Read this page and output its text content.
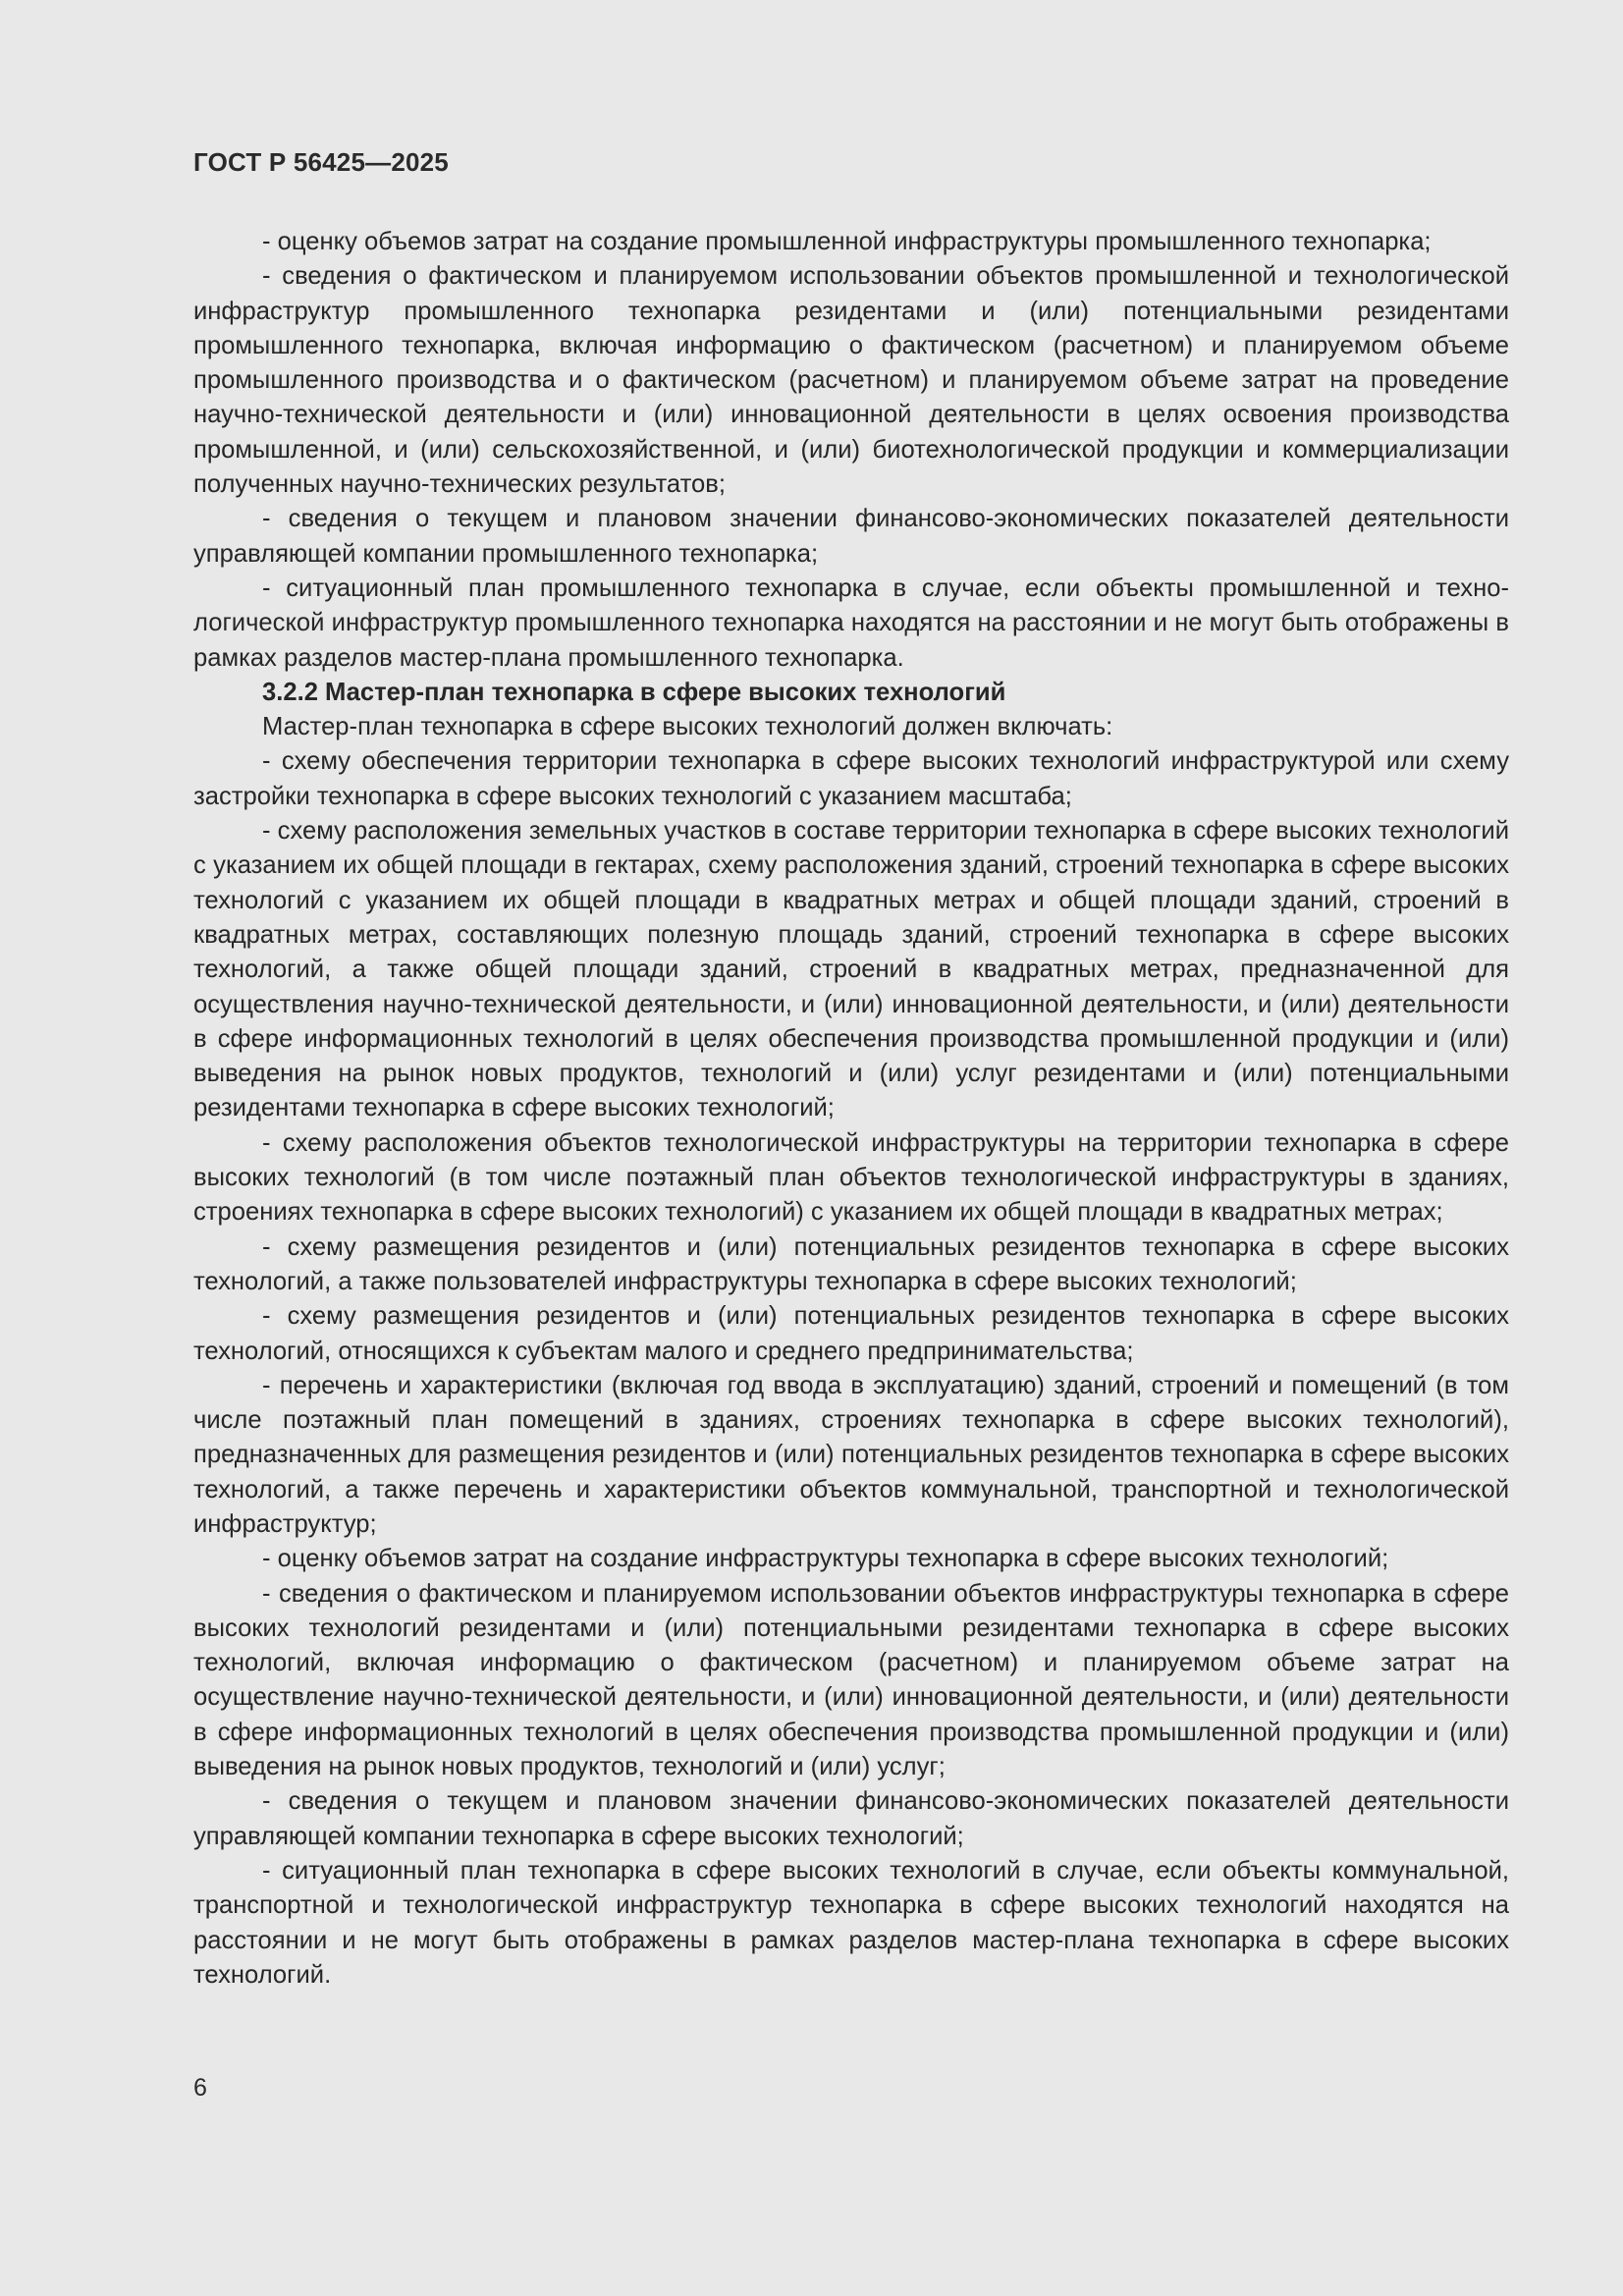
ГОСТ Р 56425—2025

- оценку объемов затрат на создание промышленной инфраструктуры промышленного технопарка;

- сведения о фактическом и планируемом использовании объектов промышленной и технологической инфраструктур промышленного технопарка резидентами и (или) потенциальными резидентами промышленного технопарка, включая информацию о фактическом (расчетном) и планируемом объеме промышленного производства и о фактическом (расчетном) и планируемом объеме затрат на проведение научно-технической деятельности и (или) инновационной деятельности в целях освоения производства промышленной, и (или) сельскохозяйственной, и (или) биотехнологической продукции и коммерциализации полученных научно-технических результатов;

- сведения о текущем и плановом значении финансово-экономических показателей деятельности управляющей компании промышленного технопарка;

- ситуационный план промышленного технопарка в случае, если объекты промышленной и технологической инфраструктур промышленного технопарка находятся на расстоянии и не могут быть отображены в рамках разделов мастер-плана промышленного технопарка.

3.2.2 Мастер-план технопарка в сфере высоких технологий

Мастер-план технопарка в сфере высоких технологий должен включать:

- схему обеспечения территории технопарка в сфере высоких технологий инфраструктурой или схему застройки технопарка в сфере высоких технологий с указанием масштаба;

- схему расположения земельных участков в составе территории технопарка в сфере высоких технологий с указанием их общей площади в гектарах, схему расположения зданий, строений технопарка в сфере высоких технологий с указанием их общей площади в квадратных метрах и общей площади зданий, строений в квадратных метрах, составляющих полезную площадь зданий, строений технопарка в сфере высоких технологий, а также общей площади зданий, строений в квадратных метрах, предназначенной для осуществления научно-технической деятельности, и (или) инновационной деятельности, и (или) деятельности в сфере информационных технологий в целях обеспечения производства промышленной продукции и (или) выведения на рынок новых продуктов, технологий и (или) услуг резидентами и (или) потенциальными резидентами технопарка в сфере высоких технологий;

- схему расположения объектов технологической инфраструктуры на территории технопарка в сфере высоких технологий (в том числе поэтажный план объектов технологической инфраструктуры в зданиях, строениях технопарка в сфере высоких технологий) с указанием их общей площади в квадратных метрах;

- схему размещения резидентов и (или) потенциальных резидентов технопарка в сфере высоких технологий, а также пользователей инфраструктуры технопарка в сфере высоких технологий;

- схему размещения резидентов и (или) потенциальных резидентов технопарка в сфере высоких технологий, относящихся к субъектам малого и среднего предпринимательства;

- перечень и характеристики (включая год ввода в эксплуатацию) зданий, строений и помещений (в том числе поэтажный план помещений в зданиях, строениях технопарка в сфере высоких технологий), предназначенных для размещения резидентов и (или) потенциальных резидентов технопарка в сфере высоких технологий, а также перечень и характеристики объектов коммунальной, транспортной и технологической инфраструктур;

- оценку объемов затрат на создание инфраструктуры технопарка в сфере высоких технологий;

- сведения о фактическом и планируемом использовании объектов инфраструктуры технопарка в сфере высоких технологий резидентами и (или) потенциальными резидентами технопарка в сфере высоких технологий, включая информацию о фактическом (расчетном) и планируемом объеме затрат на осуществление научно-технической деятельности, и (или) инновационной деятельности, и (или) деятельности в сфере информационных технологий в целях обеспечения производства промышленной продукции и (или) выведения на рынок новых продуктов, технологий и (или) услуг;

- сведения о текущем и плановом значении финансово-экономических показателей деятельности управляющей компании технопарка в сфере высоких технологий;

- ситуационный план технопарка в сфере высоких технологий в случае, если объекты коммунальной, транспортной и технологической инфраструктур технопарка в сфере высоких технологий находятся на расстоянии и не могут быть отображены в рамках разделов мастер-плана технопарка в сфере высоких технологий.

6
